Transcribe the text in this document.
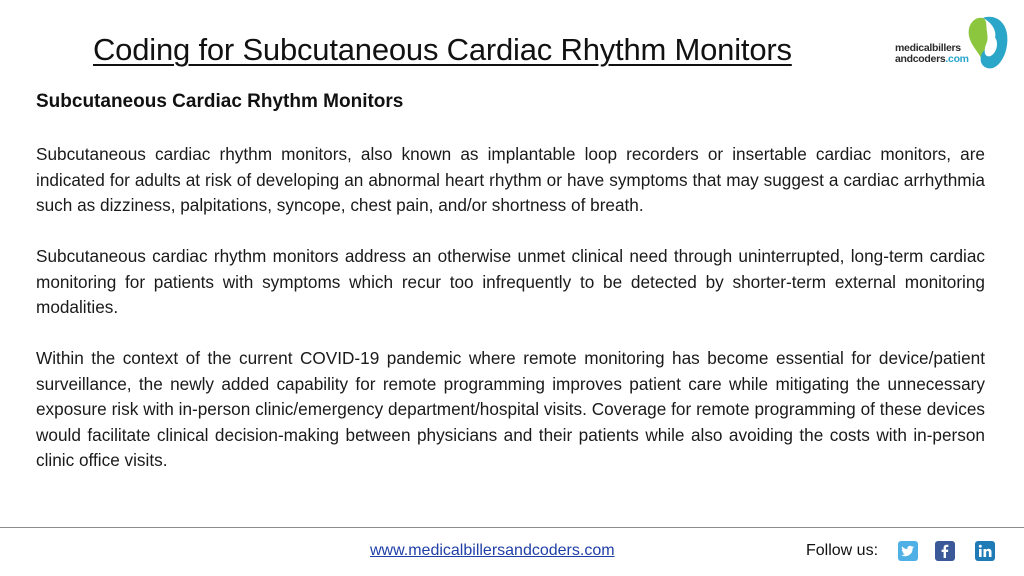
Coding for Subcutaneous Cardiac Rhythm Monitors	medicalbillers
andcoders.com
Subcutaneous Cardiac Rhythm Monitors

Subcutaneous cardiac rhythm monitors, also known as implantable loop recorders or insertable cardiac monitors, are indicated for adults at risk of developing an abnormal heart rhythm or have symptoms that may suggest a cardiac arrhythmia such as dizziness, palpitations, syncope, chest pain, and/or shortness of breath.

Subcutaneous cardiac rhythm monitors address an otherwise unmet clinical need through uninterrupted, long-term cardiac monitoring for patients with symptoms which recur too infrequently to be detected by shorter-term external monitoring modalities.

Within the context of the current COVID-19 pandemic where remote monitoring has become essential for device/patient surveillance, the newly added capability for remote programming improves patient care while mitigating the unnecessary exposure risk with in-person clinic/emergency department/hospital visits. Coverage for remote programming of these devices would facilitate clinical decision-making between physicians and their patients while also avoiding the costs with in-person clinic office visits.

www.medicalbillersandcoders.com	Follow us:
